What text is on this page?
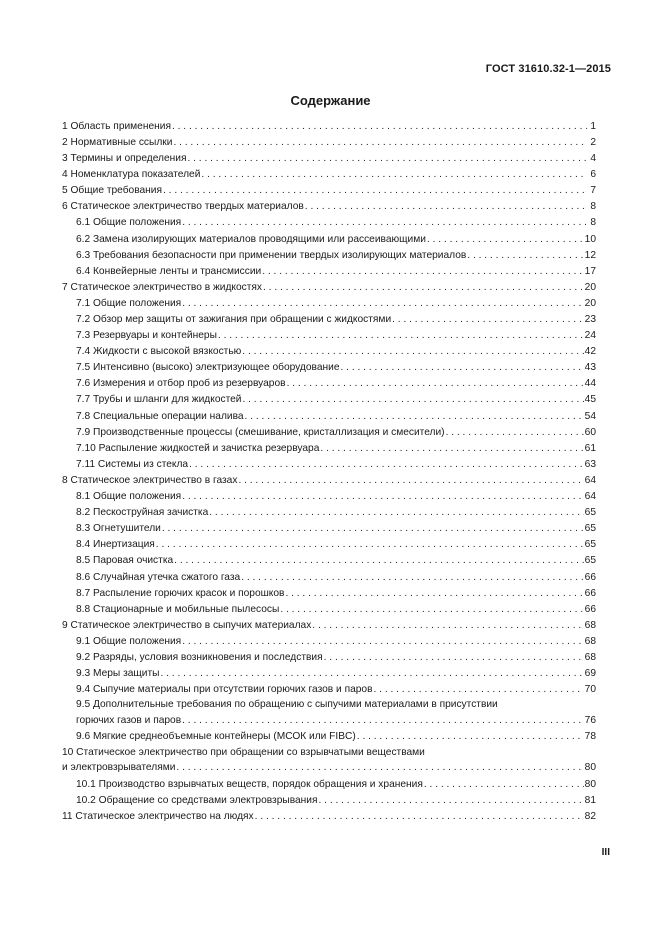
ГОСТ 31610.32-1—2015
Содержание
1 Область применения . . .	1
2 Нормативные ссылки . . .	2
3 Термины и определения . . .	4
4 Номенклатура показателей . . .	6
5 Общие требования . . .	7
6 Статическое электричество твердых материалов . . .	8
6.1 Общие положения . . .	8
6.2 Замена изолирующих материалов проводящими или рассеивающими . . .	10
6.3 Требования безопасности при применении твердых изолирующих материалов . . .	12
6.4 Конвейерные ленты и трансмиссии . . .	17
7 Статическое электричество в жидкостях . . .	20
7.1 Общие положения . . .	20
7.2 Обзор мер защиты от зажигания при обращении с жидкостями . . .	23
7.3 Резервуары и контейнеры . . .	24
7.4 Жидкости с высокой вязкостью . . .	42
7.5 Интенсивно (высоко) электризующее оборудование . . .	43
7.6 Измерения и отбор проб из резервуаров . . .	44
7.7 Трубы и шланги для жидкостей . . .	45
7.8 Специальные операции налива . . .	54
7.9 Производственные процессы (смешивание, кристаллизация и смесители) . . .	60
7.10 Распыление жидкостей и зачистка резервуара . . .	61
7.11 Системы из стекла . . .	63
8 Статическое электричество в газах . . .	64
8.1 Общие положения . . .	64
8.2 Пескоструйная зачистка . . .	65
8.3 Огнетушители . . .	65
8.4 Инертизация . . .	65
8.5 Паровая очистка . . .	65
8.6 Случайная утечка сжатого газа . . .	66
8.7 Распыление горючих красок и порошков . . .	66
8.8 Стационарные и мобильные пылесосы . . .	66
9 Статическое электричество в сыпучих материалах . . .	68
9.1 Общие положения . . .	68
9.2 Разряды, условия возникновения и последствия . . .	68
9.3 Меры защиты . . .	69
9.4 Сыпучие материалы при отсутствии горючих газов и паров . . .	70
9.5 Дополнительные требования по обращению с сыпучими материалами в присутствии
горючих газов и паров . . .	76
9.6 Мягкие среднеобъемные контейнеры (МСОК или FIBC) . . .	78
10 Статическое электричество при обращении со взрывчатыми веществами
и электровзрывателями . . .	80
10.1 Производство взрывчатых веществ, порядок обращения и хранения . . .	80
10.2 Обращение со средствами электровзрывания . . .	81
11 Статическое электричество на людях . . .	82
III
